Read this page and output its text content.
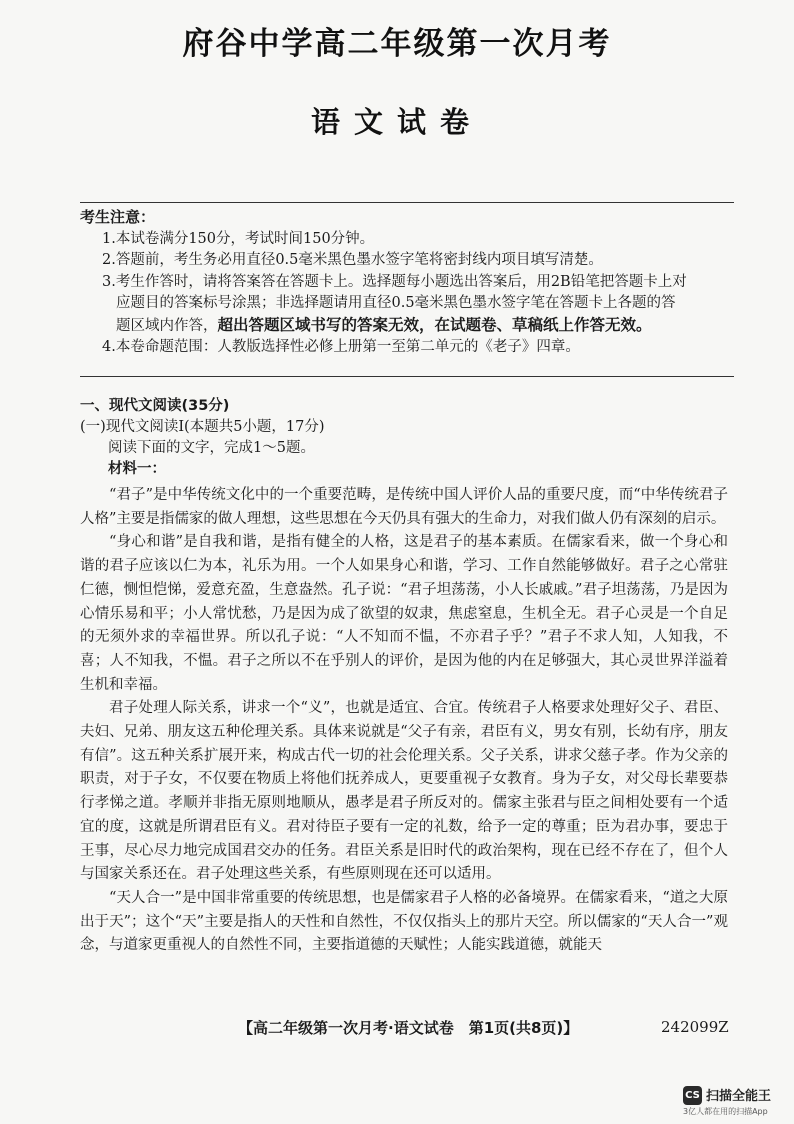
府谷中学高二年级第一次月考
语文试卷
考生注意：
1.本试卷满分150分，考试时间150分钟。
2.答题前，考生务必用直径0.5毫米黑色墨水签字笔将密封线内项目填写清楚。
3.考生作答时，请将答案答在答题卡上。选择题每小题选出答案后，用2B铅笔把答题卡上对
应题目的答案标号涂黑；非选择题请用直径0.5毫米黑色墨水签字笔在答题卡上各题的答
题区域内作答，超出答题区域书写的答案无效，在试题卷、草稿纸上作答无效。
4.本卷命题范围：人教版选择性必修上册第一至第二单元的《老子》四章。
一、现代文阅读(35分)
(一)现代文阅读Ⅰ(本题共5小题，17分)
阅读下面的文字，完成1～5题。
材料一：

“君子”是中华传统文化中的一个重要范畴，是传统中国人评价人品的重要尺度，而“中华传统君子人格”主要是指儒家的做人理想，这些思想在今天仍具有强大的生命力，对我们做人仍有深刻的启示。

“身心和谐”是自我和谐，是指有健全的人格，这是君子的基本素质。在儒家看来，做一个身心和谐的君子应该以仁为本，礼乐为用。一个人如果身心和谐，学习、工作自然能够做好。君子之心常驻仁德，恻怛恺悌，爱意充盈，生意盎然。孔子说：“君子坦荡荡，小人长戚戚。”君子坦荡荡，乃是因为心情乐易和平；小人常忧愁，乃是因为成了欲望的奴隶，焦虑窒息，生机全无。君子心灵是一个自足的无须外求的幸福世界。所以孔子说：“人不知而不愠，不亦君子乎？”君子不求人知，人知我，不喜；人不知我，不愠。君子之所以不在乎别人的评价，是因为他的内在足够强大，其心灵世界洋溢着生机和幸福。

君子处理人际关系，讲求一个“义”，也就是适宜、合宜。传统君子人格要求处理好父子、君臣、夫妇、兄弟、朋友这五种伦理关系。具体来说就是“父子有亲，君臣有义，男女有别，长幼有序，朋友有信”。这五种关系扩展开来，构成古代一切的社会伦理关系。父子关系，讲求父慈子孝。作为父亲的职责，对于子女，不仅要在物质上将他们抚养成人，更要重视子女教育。身为子女，对父母长辈要恭行孝悌之道。孝顺并非指无原则地顺从，愚孝是君子所反对的。儒家主张君与臣之间相处要有一个适宜的度，这就是所谓君臣有义。君对待臣子要有一定的礼数，给予一定的尊重；臣为君办事，要忠于王事，尽心尽力地完成国君交办的任务。君臣关系是旧时代的政治架构，现在已经不存在了，但个人与国家关系还在。君子处理这些关系，有些原则现在还可以适用。

“天人合一”是中国非常重要的传统思想，也是儒家君子人格的必备境界。在儒家看来，“道之大原出于天”；这个“天”主要是指人的天性和自然性，不仅仅指头上的那片天空。所以儒家的“天人合一”观念，与道家更重视人的自然性不同，主要指道德的天赋性；人能实践道德，就能天

【高二年级第一次月考·语文试卷　第1页(共8页)】	242099Z
CS 扫描全能王
3亿人都在用的扫描App
